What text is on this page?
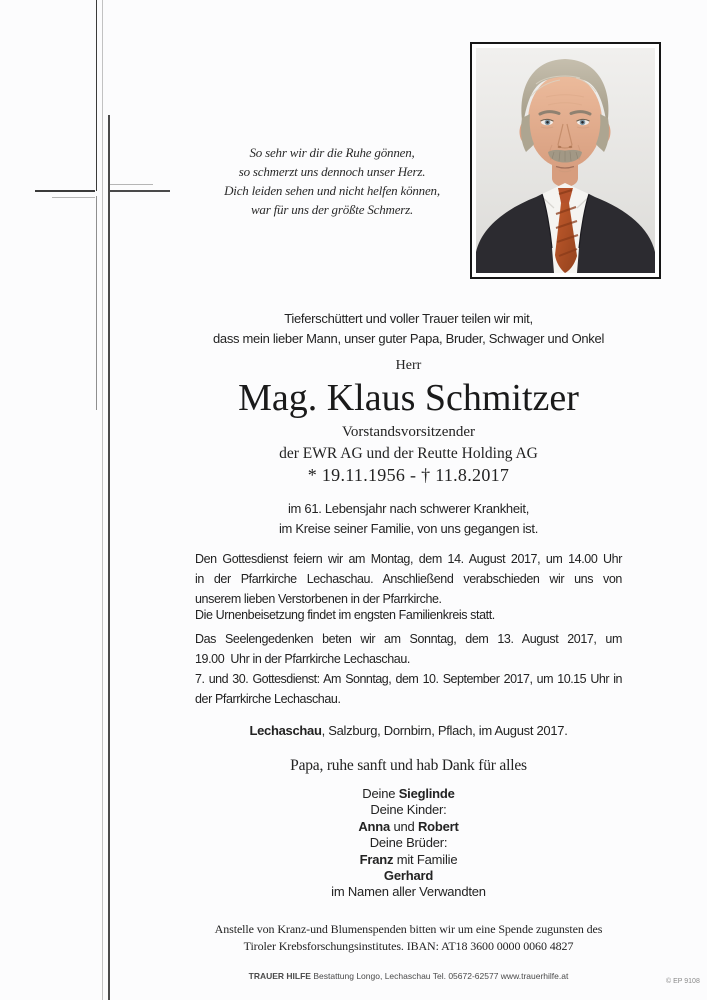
So sehr wir dir die Ruhe gönnen,
so schmerzt uns dennoch unser Herz.
Dich leiden sehen und nicht helfen können,
war für uns der größte Schmerz.
Tieferschüttert und voller Trauer teilen wir mit,
dass mein lieber Mann, unser guter Papa, Bruder, Schwager und Onkel
Herr
Mag. Klaus Schmitzer
Vorstandsvorsitzender
der EWR AG und der Reutte Holding AG
* 19.11.1956 - † 11.8.2017
im 61. Lebensjahr nach schwerer Krankheit,
im Kreise seiner Familie, von uns gegangen ist.
Den Gottesdienst feiern wir am Montag, dem 14. August 2017, um 14.00 Uhr
in der Pfarrkirche Lechaschau. Anschließend verabschieden wir uns von
unserem lieben Verstorbenen in der Pfarrkirche.
Die Urnenbeisetzung findet im engsten Familienkreis statt.
Das Seelengedenken beten wir am Sonntag, dem 13. August 2017, um
19.00  Uhr in der Pfarrkirche Lechaschau.
7. und 30. Gottesdienst: Am Sonntag, dem 10. September 2017, um 10.15 Uhr in
der Pfarrkirche Lechaschau.
Lechaschau, Salzburg, Dornbirn, Pflach, im August 2017.
Papa, ruhe sanft und hab Dank für alles
Deine Sieglinde
Deine Kinder:
Anna und Robert
Deine Brüder:
Franz mit Familie
Gerhard
im Namen aller Verwandten
Anstelle von Kranz-und Blumenspenden bitten wir um eine Spende zugunsten des
Tiroler Krebsforschungsinstitutes. IBAN: AT18 3600 0000 0060 4827
TRAUER HILFE Bestattung Longo, Lechaschau Tel. 05672-62577 www.trauerhilfe.at
© EP 9108
